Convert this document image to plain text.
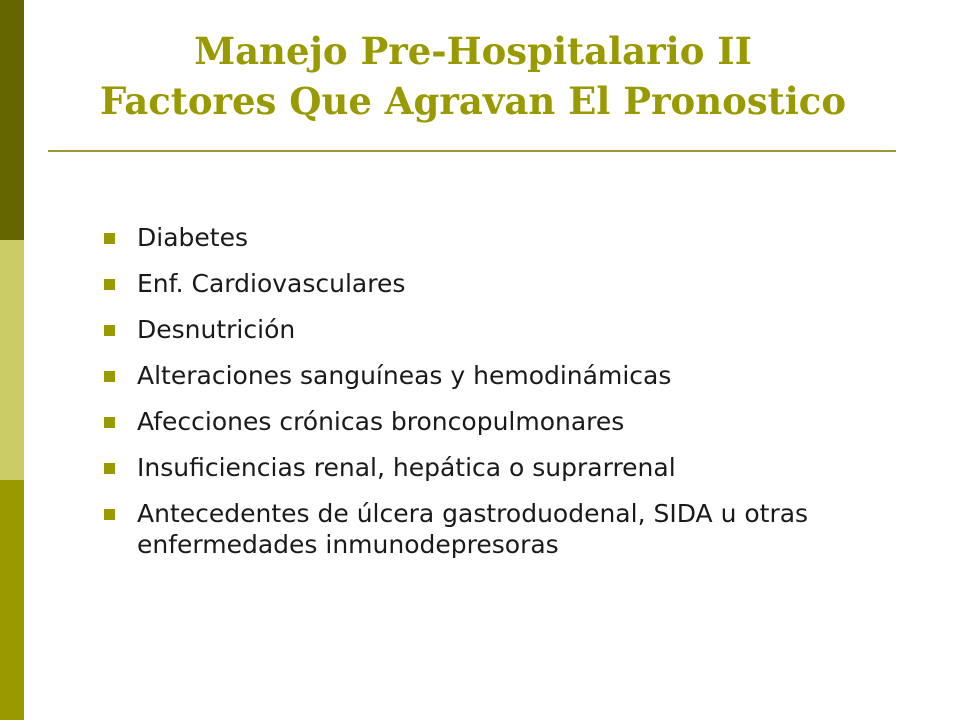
Manejo Pre-Hospitalario II
Factores Que Agravan El Pronostico
Diabetes
Enf. Cardiovasculares
Desnutrición
Alteraciones sanguíneas y hemodinámicas
Afecciones crónicas broncopulmonares
Insuficiencias renal, hepática o suprarrenal
Antecedentes de úlcera gastroduodenal, SIDA u otras enfermedades inmunodepresoras
